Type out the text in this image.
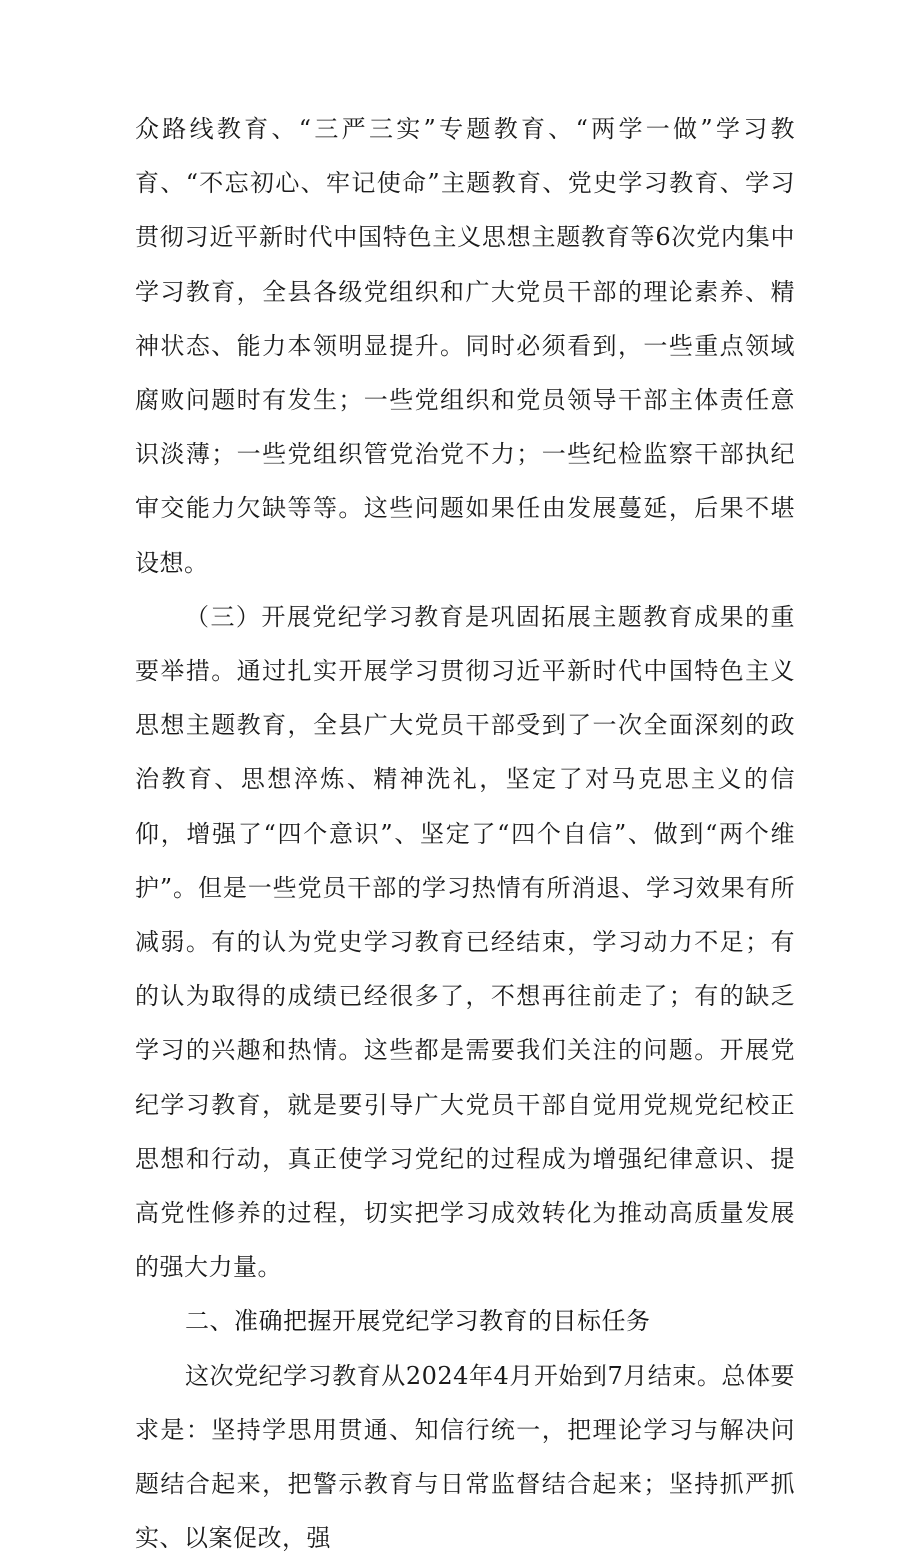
众路线教育、“三严三实”专题教育、“两学一做”学习教育、“不忘初心、牢记使命”主题教育、党史学习教育、学习贯彻习近平新时代中国特色主义思想主题教育等6次党内集中学习教育，全县各级党组织和广大党员干部的理论素养、精神状态、能力本领明显提升。同时必须看到，一些重点领域腐败问题时有发生；一些党组织和党员领导干部主体责任意识淡薄；一些党组织管党治党不力；一些纪检监察干部执纪审交能力欠缺等等。这些问题如果任由发展蔓延，后果不堪设想。

（三）开展党纪学习教育是巩固拓展主题教育成果的重要举措。通过扎实开展学习贯彻习近平新时代中国特色主义思想主题教育，全县广大党员干部受到了一次全面深刻的政治教育、思想淬炼、精神洗礼，坚定了对马克思主义的信仰，增强了“四个意识”、坚定了“四个自信”、做到“两个维护”。但是一些党员干部的学习热情有所消退、学习效果有所减弱。有的认为党史学习教育已经结束，学习动力不足；有的认为取得的成绩已经很多了，不想再往前走了；有的缺乏学习的兴趣和热情。这些都是需要我们关注的问题。开展党纪学习教育，就是要引导广大党员干部自觉用党规党纪校正思想和行动，真正使学习党纪的过程成为增强纪律意识、提高党性修养的过程，切实把学习成效转化为推动高质量发展的强大力量。

二、准确把握开展党纪学习教育的目标任务

这次党纪学习教育从2024年4月开始到7月结束。总体要求是：坚持学思用贯通、知信行统一，把理论学习与解决问题结合起来，把警示教育与日常监督结合起来；坚持抓严抓实、以案促改，强
